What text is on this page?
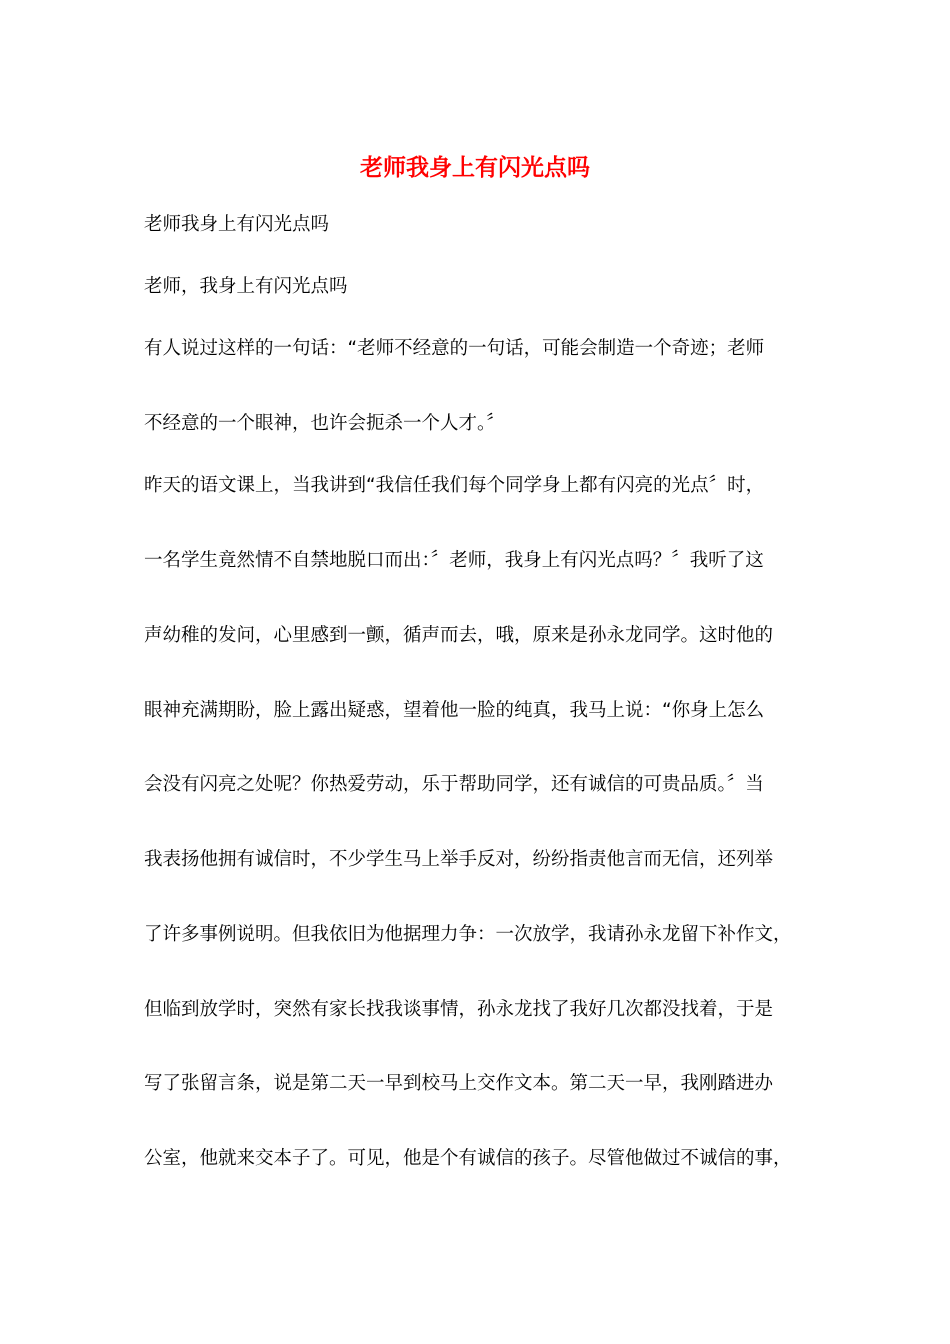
老师我身上有闪光点吗

老师我身上有闪光点吗

老师，我身上有闪光点吗

有人说过这样的一句话：“老师不经意的一句话，可能会制造一个奇迹；老师

不经意的一个眼神，也许会扼杀一个人才。〞

昨天的语文课上，当我讲到“我信任我们每个同学身上都有闪亮的光点〞时，

一名学生竟然情不自禁地脱口而出：〞老师，我身上有闪光点吗？〞我听了这

声幼稚的发问，心里感到一颤，循声而去，哦，原来是孙永龙同学。这时他的

眼神充满期盼，脸上露出疑惑，望着他一脸的纯真，我马上说：“你身上怎么

会没有闪亮之处呢？你热爱劳动，乐于帮助同学，还有诚信的可贵品质。〞当

我表扬他拥有诚信时，不少学生马上举手反对，纷纷指责他言而无信，还列举

了许多事例说明。但我依旧为他据理力争：一次放学，我请孙永龙留下补作文，

但临到放学时，突然有家长找我谈事情，孙永龙找了我好几次都没找着，于是

写了张留言条，说是第二天一早到校马上交作文本。第二天一早，我刚踏进办

公室，他就来交本子了。可见，他是个有诚信的孩子。尽管他做过不诚信的事，
